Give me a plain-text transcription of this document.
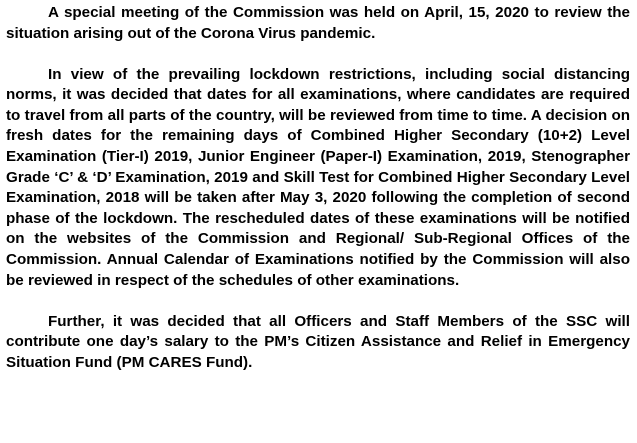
A special meeting of the Commission was held on April, 15, 2020 to review the situation arising out of the Corona Virus pandemic.

In view of the prevailing lockdown restrictions, including social distancing norms, it was decided that dates for all examinations, where candidates are required to travel from all parts of the country, will be reviewed from time to time. A decision on fresh dates for the remaining days of Combined Higher Secondary (10+2) Level Examination (Tier-I) 2019, Junior Engineer (Paper-I) Examination, 2019, Stenographer Grade ‘C’ & ‘D’ Examination, 2019 and Skill Test for Combined Higher Secondary Level Examination, 2018 will be taken after May 3, 2020 following the completion of second phase of the lockdown. The rescheduled dates of these examinations will be notified on the websites of the Commission and Regional/ Sub-Regional Offices of the Commission. Annual Calendar of Examinations notified by the Commission will also be reviewed in respect of the schedules of other examinations.

Further, it was decided that all Officers and Staff Members of the SSC will contribute one day’s salary to the PM’s Citizen Assistance and Relief in Emergency Situation Fund (PM CARES Fund).
